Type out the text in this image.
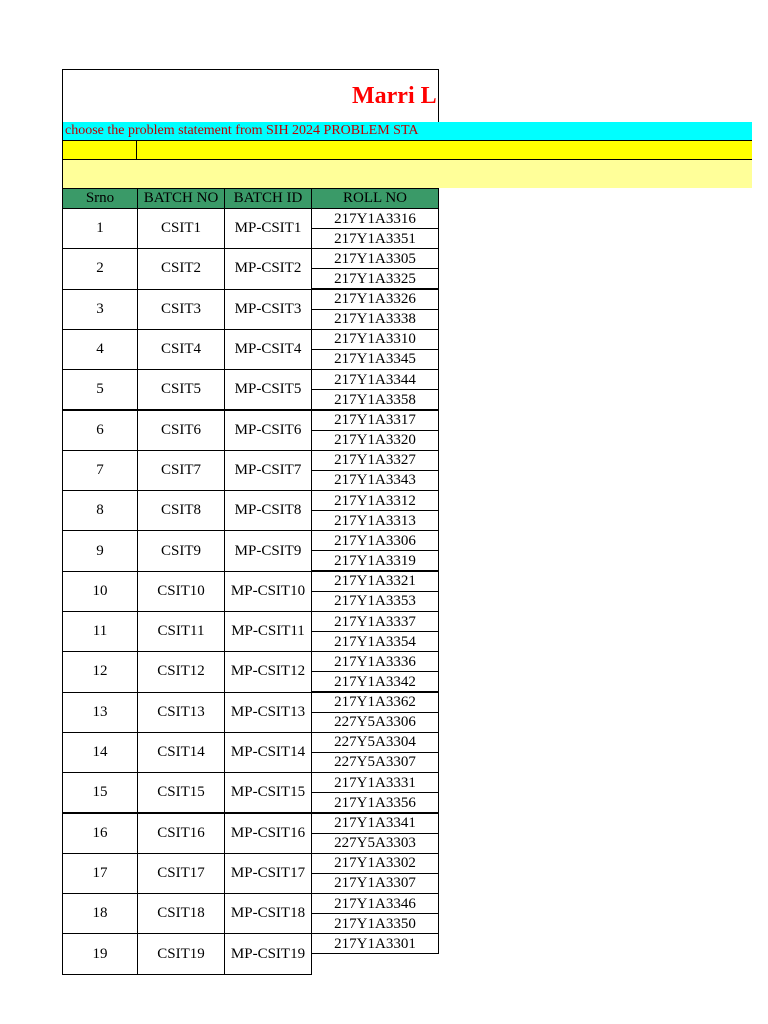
Marri L
choose the problem statement from SIH 2024 PROBLEM STA
Srno	BATCH NO	BATCH ID	ROLL NO
1	CSIT1	MP-CSIT1
217Y1A3316
217Y1A3351
2	CSIT2	MP-CSIT2
217Y1A3305
217Y1A3325
3	CSIT3	MP-CSIT3
217Y1A3326
217Y1A3338
4	CSIT4	MP-CSIT4
217Y1A3310
217Y1A3345
5	CSIT5	MP-CSIT5
217Y1A3344
217Y1A3358
6	CSIT6	MP-CSIT6
217Y1A3317
217Y1A3320
7	CSIT7	MP-CSIT7
217Y1A3327
217Y1A3343
8	CSIT8	MP-CSIT8
217Y1A3312
217Y1A3313
9	CSIT9	MP-CSIT9
217Y1A3306
217Y1A3319
10	CSIT10	MP-CSIT10
217Y1A3321
217Y1A3353
11	CSIT11	MP-CSIT11
217Y1A3337
217Y1A3354
12	CSIT12	MP-CSIT12
217Y1A3336
217Y1A3342
13	CSIT13	MP-CSIT13
217Y1A3362
227Y5A3306
14	CSIT14	MP-CSIT14
227Y5A3304
227Y5A3307
15	CSIT15	MP-CSIT15
217Y1A3331
217Y1A3356
16	CSIT16	MP-CSIT16
217Y1A3341
227Y5A3303
17	CSIT17	MP-CSIT17
217Y1A3302
217Y1A3307
18	CSIT18	MP-CSIT18
217Y1A3346
217Y1A3350
19	CSIT19	MP-CSIT19
217Y1A3301
